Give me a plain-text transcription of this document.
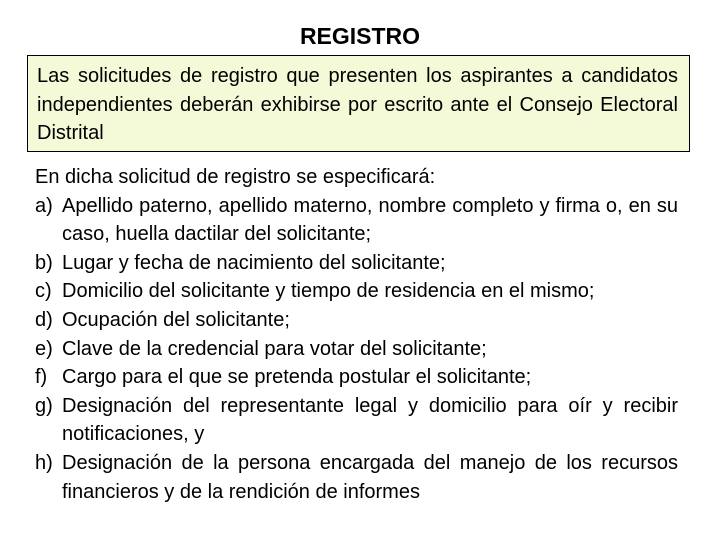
REGISTRO
Las solicitudes de registro que presenten los aspirantes a candidatos independientes deberán exhibirse por escrito ante el Consejo Electoral Distrital

En dicha solicitud de registro se especificará:

a) Apellido paterno, apellido materno, nombre completo y firma o, en su caso, huella dactilar del solicitante;
b) Lugar y fecha de nacimiento del solicitante;
c) Domicilio del solicitante y tiempo de residencia en el mismo;
d) Ocupación del solicitante;
e) Clave de la credencial para votar del solicitante;
f) Cargo para el que se pretenda postular el solicitante;
g) Designación del representante legal y domicilio para oír y recibir notificaciones, y
h) Designación de la persona encargada del manejo de los recursos financieros y de la rendición de informes
